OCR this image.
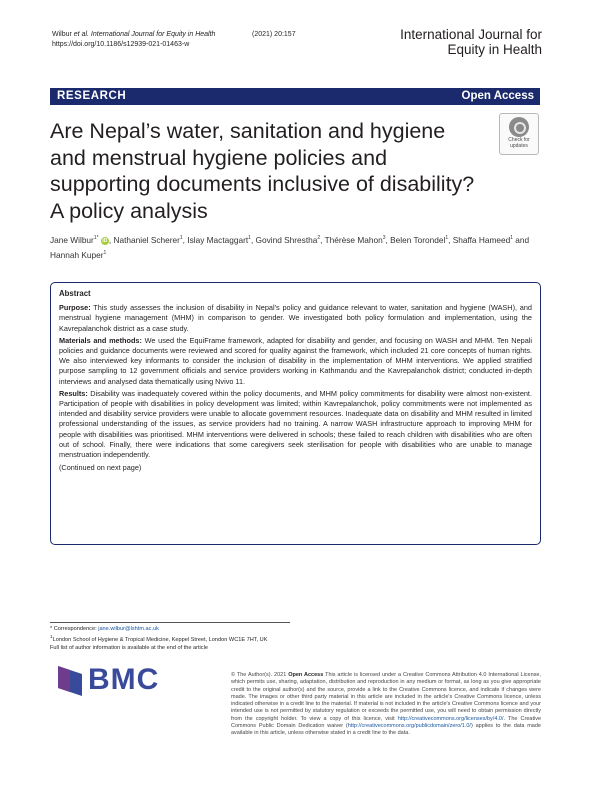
Wilbur et al. International Journal for Equity in Health	(2021) 20:157
https://doi.org/10.1186/s12939-021-01463-w
International Journal for
Equity in Health
RESEARCH	Open Access
Are Nepal’s water, sanitation and hygiene and menstrual hygiene policies and supporting documents inclusive of disability? A policy analysis
Check for
updates
Jane Wilbur$^{1*}$ iD , Nathaniel Scherer$^1$, Islay Mactaggart$^1$, Govind Shrestha$^2$, Thérèse Mahon$^3$, Belen Torondel$^1$, Shaffa Hameed$^1$ and Hannah Kuper$^1$
Abstract

Purpose: This study assesses the inclusion of disability in Nepal’s policy and guidance relevant to water, sanitation and hygiene (WASH), and menstrual hygiene management (MHM) in comparison to gender. We investigated both policy formulation and implementation, using the Kavrepalanchok district as a case study.

Materials and methods: We used the EquiFrame framework, adapted for disability and gender, and focusing on WASH and MHM. Ten Nepali policies and guidance documents were reviewed and scored for quality against the framework, which included 21 core concepts of human rights. We also interviewed key informants to consider the inclusion of disability in the implementation of MHM interventions. We applied stratified purpose sampling to 12 government officials and service providers working in Kathmandu and the Kavrepalanchok district; conducted in-depth interviews and analysed data thematically using Nvivo 11.

Results: Disability was inadequately covered within the policy documents, and MHM policy commitments for disability were almost non-existent. Participation of people with disabilities in policy development was limited; within Kavrepalanchok, policy commitments were not implemented as intended and disability service providers were unable to allocate government resources. Inadequate data on disability and MHM resulted in limited professional understanding of the issues, as service providers had no training. A narrow WASH infrastructure approach to improving MHM for people with disabilities was prioritised. MHM interventions were delivered in schools; these failed to reach children with disabilities who are often out of school. Finally, there were indications that some caregivers seek sterilisation for people with disabilities who are unable to manage menstruation independently.

(Continued on next page)

* Correspondence: jane.wilbur@lshtm.ac.uk
$^1$London School of Hygiene & Tropical Medicine, Keppel Street, London WC1E 7HT, UK
Full list of author information is available at the end of the article
BMC	© The Author(s). 2021 Open Access This article is licensed under a Creative Commons Attribution 4.0 International License, which permits use, sharing, adaptation, distribution and reproduction in any medium or format, as long as you give appropriate credit to the original author(s) and the source, provide a link to the Creative Commons licence, and indicate if changes were made. The images or other third party material in this article are included in the article's Creative Commons licence, unless indicated otherwise in a credit line to the material. If material is not included in the article's Creative Commons licence and your intended use is not permitted by statutory regulation or exceeds the permitted use, you will need to obtain permission directly from the copyright holder. To view a copy of this licence, visit http://creativecommons.org/licenses/by/4.0/. The Creative Commons Public Domain Dedication waiver (http://creativecommons.org/publicdomain/zero/1.0/) applies to the data made available in this article, unless otherwise stated in a credit line to the data.
